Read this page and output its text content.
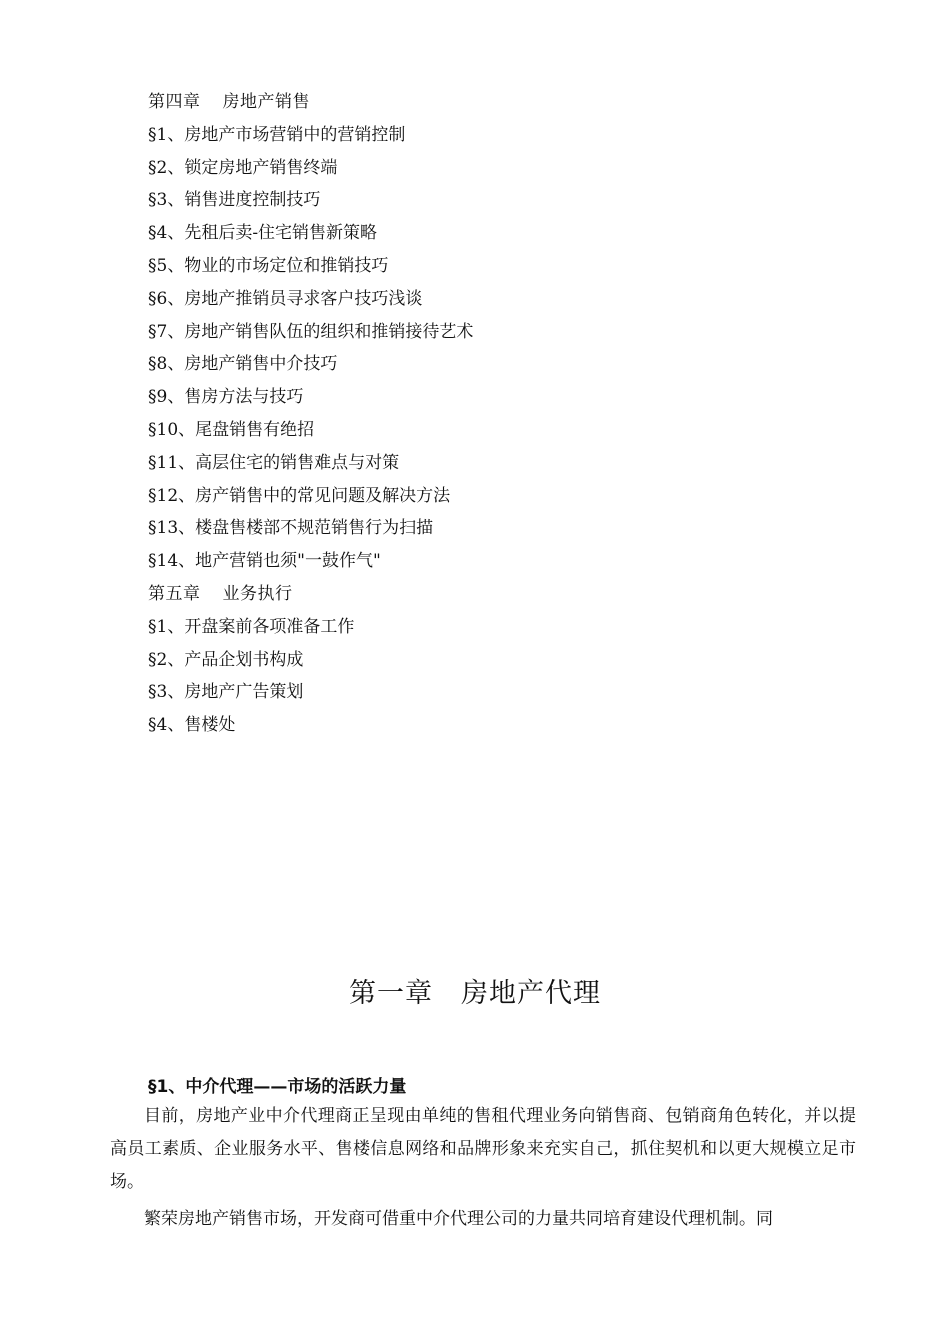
第四章 房地产销售
§1、房地产市场营销中的营销控制
§2、锁定房地产销售终端
§3、销售进度控制技巧
§4、先租后卖-住宅销售新策略
§5、物业的市场定位和推销技巧
§6、房地产推销员寻求客户技巧浅谈
§7、房地产销售队伍的组织和推销接待艺术
§8、房地产销售中介技巧
§9、售房方法与技巧
§10、尾盘销售有绝招
§11、高层住宅的销售难点与对策
§12、房产销售中的常见问题及解决方法
§13、楼盘售楼部不规范销售行为扫描
§14、地产营销也须"一鼓作气"
第五章 业务执行
§1、开盘案前各项准备工作
§2、产品企划书构成
§3、房地产广告策划
§4、售楼处
第一章 房地产代理
§1、中介代理——市场的活跃力量

目前，房地产业中介代理商正呈现由单纯的售租代理业务向销售商、包销商角色转化，并以提高员工素质、企业服务水平、售楼信息网络和品牌形象来充实自己，抓住契机和以更大规模立足市场。

繁荣房地产销售市场，开发商可借重中介代理公司的力量共同培育建设代理机制。同
